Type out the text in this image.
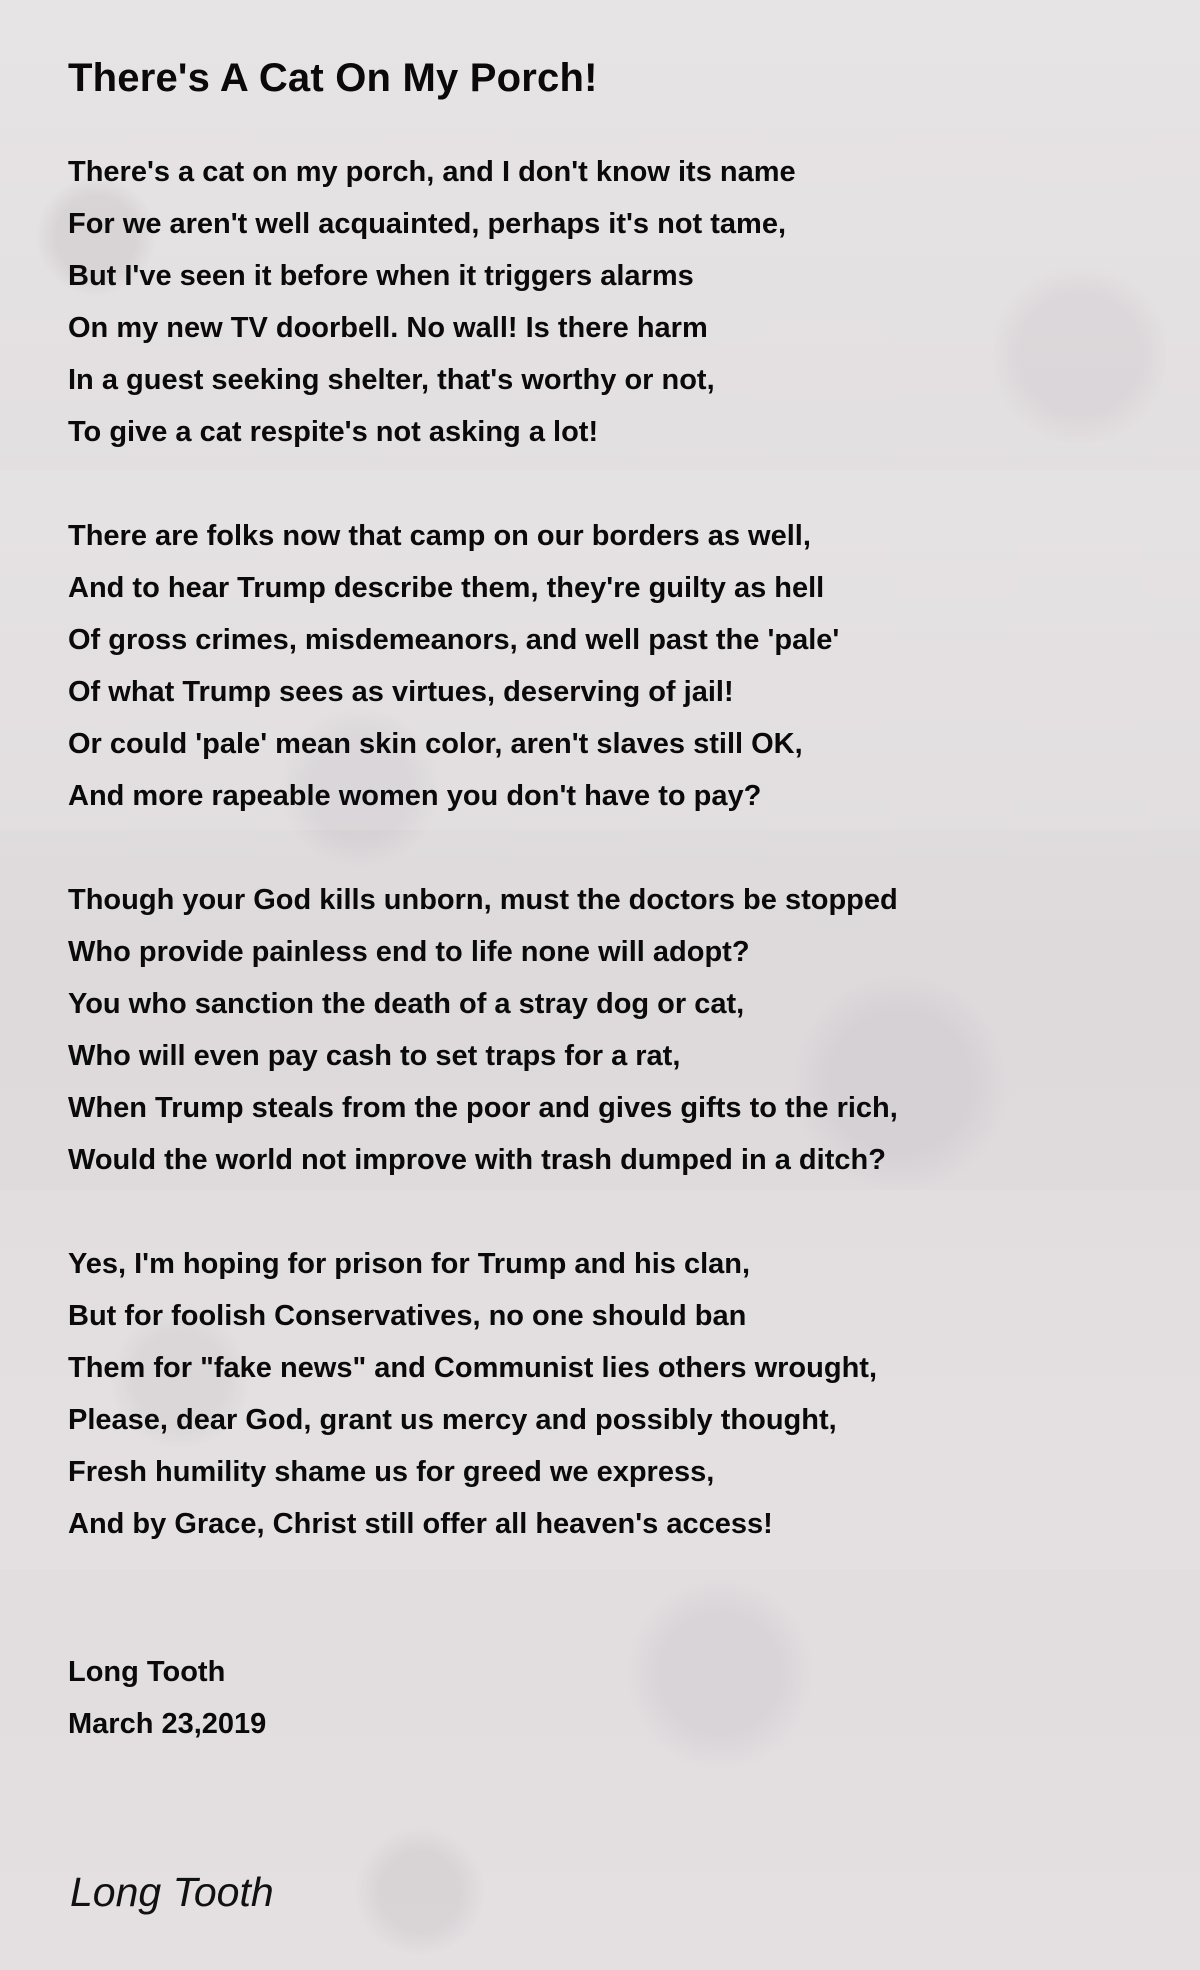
There's A Cat On My Porch!
There's a cat on my porch, and I don't know its name
For we aren't well acquainted, perhaps it's not tame,
But I've seen it before when it triggers alarms
On my new TV doorbell. No wall! Is there harm
In a guest seeking shelter, that's worthy or not,
To give a cat respite's not asking a lot!
There are folks now that camp on our borders as well,
And to hear Trump describe them, they're guilty as hell
Of gross crimes, misdemeanors, and well past the 'pale'
Of what Trump sees as virtues, deserving of jail!
Or could 'pale' mean skin color, aren't slaves still OK,
And more rapeable women you don't have to pay?
Though your God kills unborn, must the doctors be stopped
Who provide painless end to life none will adopt?
You who sanction the death of a stray dog or cat,
Who will even pay cash to set traps for a rat,
When Trump steals from the poor and gives gifts to the rich,
Would the world not improve with trash dumped in a ditch?
Yes, I'm hoping for prison for Trump and his clan,
But for foolish Conservatives, no one should ban
Them for "fake news" and Communist lies others wrought,
Please, dear God, grant us mercy and possibly thought,
Fresh humility shame us for greed we express,
And by Grace, Christ still offer all heaven's access!
Long Tooth
March 23,2019
Long Tooth
